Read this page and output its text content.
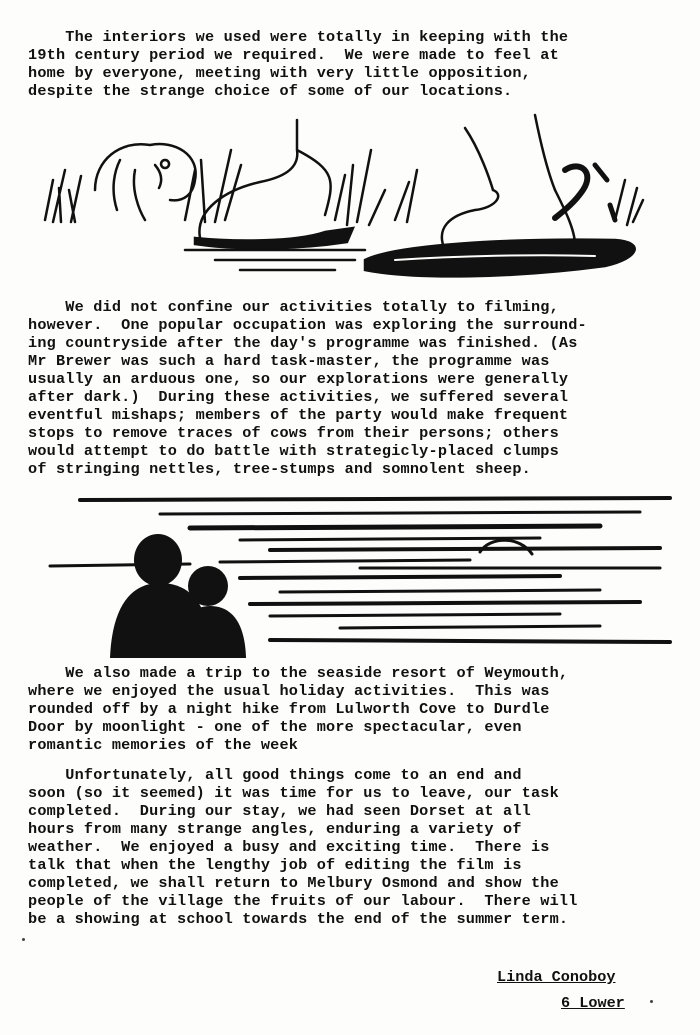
The interiors we used were totally in keeping with the
19th century period we required.  We were made to feel at
home by everyone, meeting with very little opposition,
despite the strange choice of some of our locations.

We did not confine our activities totally to filming,
however.  One popular occupation was exploring the surround-
ing countryside after the day's programme was finished. (As
Mr Brewer was such a hard task-master, the programme was
usually an arduous one, so our explorations were generally
after dark.)  During these activities, we suffered several
eventful mishaps; members of the party would make frequent
stops to remove traces of cows from their persons; others
would attempt to do battle with strategicly-placed clumps
of stringing nettles, tree-stumps and somnolent sheep.

We also made a trip to the seaside resort of Weymouth,
where we enjoyed the usual holiday activities.  This was
rounded off by a night hike from Lulworth Cove to Durdle
Door by moonlight - one of the more spectacular, even
romantic memories of the week

Unfortunately, all good things come to an end and
soon (so it seemed) it was time for us to leave, our task
completed.  During our stay, we had seen Dorset at all
hours from many strange angles, enduring a variety of
weather.  We enjoyed a busy and exciting time.  There is
talk that when the lengthy job of editing the film is
completed, we shall return to Melbury Osmond and show the
people of the village the fruits of our labour.  There will
be a showing at school towards the end of the summer term.

Linda Conoboy
6 Lower
